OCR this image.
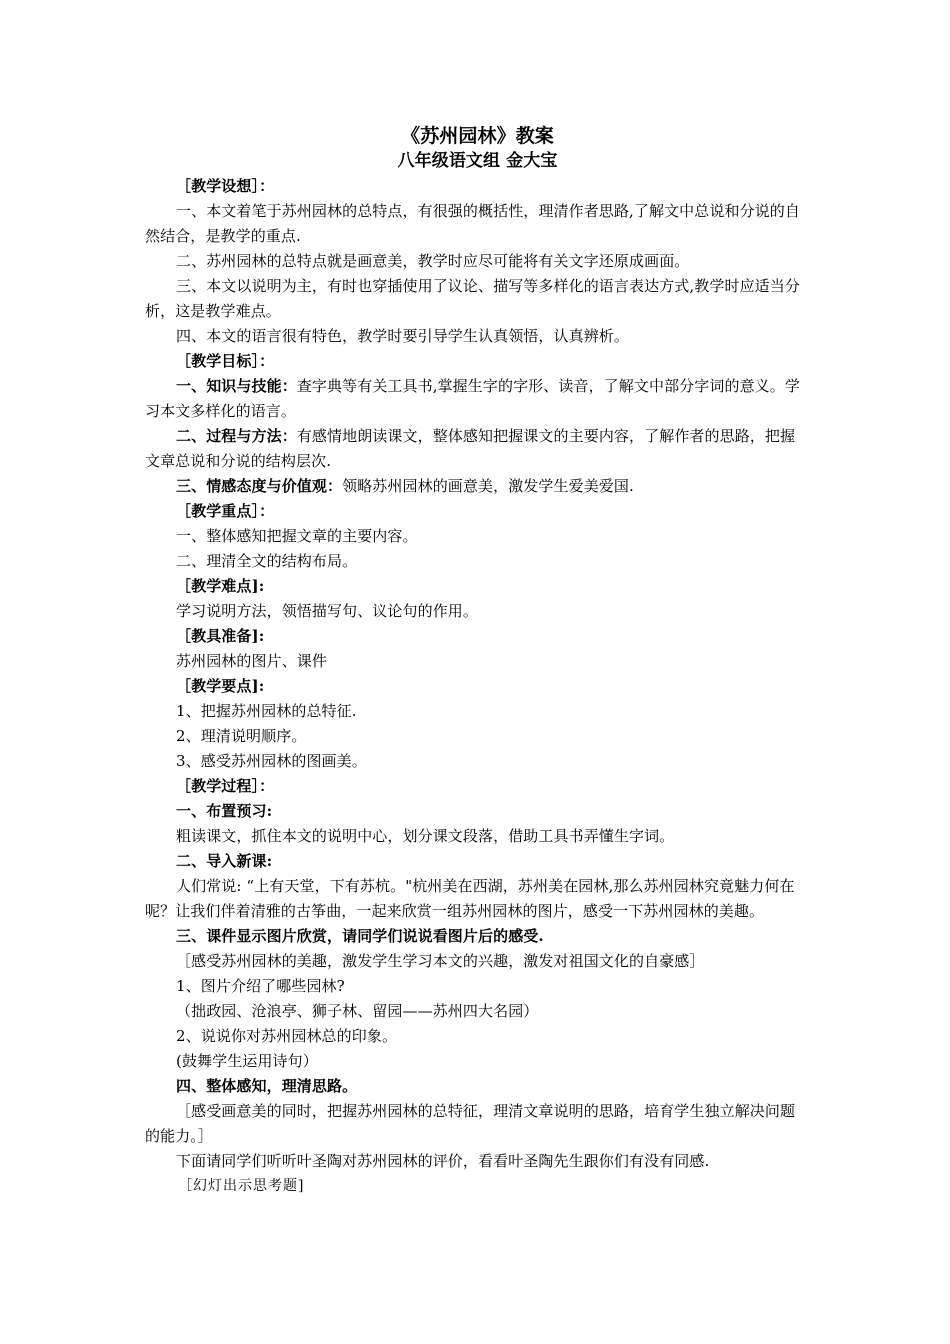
《苏州园林》教案

八年级语文组 金大宝

［教学设想］：

一、本文着笔于苏州园林的总特点，有很强的概括性，理清作者思路,了解文中总说和分说的自然结合，是教学的重点.

二、苏州园林的总特点就是画意美，教学时应尽可能将有关文字还原成画面。

三、本文以说明为主，有时也穿插使用了议论、描写等多样化的语言表达方式,教学时应适当分析，这是教学难点。

四、本文的语言很有特色，教学时要引导学生认真领悟，认真辨析。

［教学目标］：

一、知识与技能：查字典等有关工具书,掌握生字的字形、读音，了解文中部分字词的意义。学习本文多样化的语言。

二、过程与方法：有感情地朗读课文，整体感知把握课文的主要内容，了解作者的思路，把握文章总说和分说的结构层次.

三、情感态度与价值观：领略苏州园林的画意美，激发学生爱美爱国.

［教学重点］：

一、整体感知把握文章的主要内容。

二、理清全文的结构布局。

［教学难点]:

学习说明方法，领悟描写句、议论句的作用。

［教具准备]:

苏州园林的图片、课件

［教学要点]:

1、把握苏州园林的总特征.

2、理清说明顺序。

3、感受苏州园林的图画美。

［教学过程］：

一、布置预习:

粗读课文，抓住本文的说明中心，划分课文段落，借助工具书弄懂生字词。

二、导入新课:

人们常说: “上有天堂，下有苏杭。"杭州美在西湖，苏州美在园林,那么苏州园林究竟魅力何在呢？让我们伴着清雅的古筝曲，一起来欣赏一组苏州园林的图片，感受一下苏州园林的美趣。

三、课件显示图片欣赏，请同学们说说看图片后的感受.

［感受苏州园林的美趣，激发学生学习本文的兴趣，激发对祖国文化的自豪感］

1、图片介绍了哪些园林?

（拙政园、沧浪亭、狮子林、留园——苏州四大名园）

2、说说你对苏州园林总的印象。

(鼓舞学生运用诗句）

四、整体感知，理清思路。

［感受画意美的同时，把握苏州园林的总特征，理清文章说明的思路，培育学生独立解决问题的能力。］

下面请同学们听听叶圣陶对苏州园林的评价，看看叶圣陶先生跟你们有没有同感.

［幻灯出示思考题]
